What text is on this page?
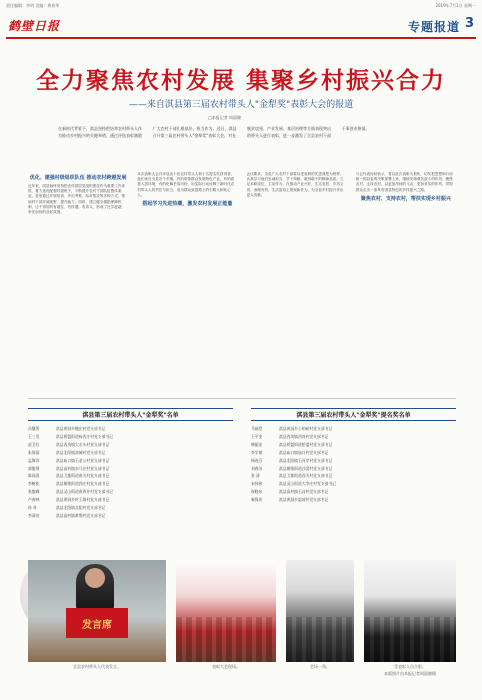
责任编辑：李明 美编：黄春华	2019年7月1日 星期一
鹤壁日报	专题报道 3
全力聚焦农村发展 集聚乡村振兴合力
——来自淇县第三届农村带头人"金犁奖"表彰大会的报道
□本报记者 周晨晓
在新时代背景下，淇县坚持把培养农村带头人作为推动乡村振兴的关键举措，通过评选表彰激励广大农村干部扎根基层、担当作为。近日，淇县召开第三届农村带头人"金犁奖"表彰大会，对在脱贫攻坚、产业发展、基层治理等方面表现突出的带头人进行表彰，进一步激发了全县农村干部干事创业热情。
优化、建强村级组织队伍 推动农村跨越发展
近年来，淇县始终坚持把农村基层党组织建设作为重要工作来抓，着力选优配强村级班子，不断提升农村干部队伍整体素质。县里通过开展培训、外出考察、结对帮扶等多种方式，帮助村干部开阔视野、提升能力。同时，建立健全激励保障机制，让干得好的有地位、有待遇、有奔头，形成了比学赶超、争先创优的良好氛围。
本次表彰大会共评选出十佳农村带头人和十名提名奖获得者，他们来自全县各个乡镇，有的带领群众发展特色产业，有的改善人居环境，有的化解矛盾纠纷，用实际行动诠释了新时代农村带头人的责任与担当，成为群众致富路上的引路人和贴心人。
搭起学习先进热潮，激发农村发展正能量
会议要求，全县广大农村干部要以受表彰的先进典型为榜样，认真学习他们忠诚担当、甘于奉献、敢闯敢干的精神品质，立足本职岗位，主动作为，在推动产业兴旺、生态宜居、乡风文明、治理有效、生活富裕上展现新作为，为全县乡村振兴作出更大贡献。
与会代表纷纷表示，将以此次表彰为契机，切实把思想和行动统一到县委的决策部署上来，继续发扬艰苦奋斗的作风，聚焦农村、支持农村，以更加昂扬的斗志、更加务实的作风，带领群众走出一条具有淇县特色的乡村振兴之路。
聚焦农村、支持农村，帮扶实现乡村振兴
淇县第三届农村带头人"金犁奖"名单
冯继智	淇县黄洞乡鲍庄村党支部书记
王三发	淇县桥盟街道杨晋庄村党支部书记
苗卫红	淇县西岗镇大水头村党支部书记
朱保国	淇县北阳镇油城村党支部书记
孟海洋	淇县庙口镇石老公村党支部书记
郭俊领	淇县高村镇东马庄村党支部书记
陈同喜	淇县卫都街道南关村党支部书记
李树松	淇县朝歌街道郭庄村党支部书记
张俊峰	淇县灵山街道南四井村党支部书记
卢春林	淇县黄洞乡纣王殿村党支部书记
孙 奇	淇县北阳镇北阳村党支部书记
李清亮	淇县高村镇黄堆村党支部书记
淇县第三届农村带头人"金犁奖"提名奖名单
马福堂	淇县黄洞乡小柏峪村党支部书记
王平安	淇县西岗镇西岗村党支部书记
韩振宏	淇县桥盟街道桥盟村党支部书记
李学斌	淇县庙口镇庙口村党支部书记
杨连芬	淇县北阳镇石河岸村党支部书记
刘春芳	淇县朝歌街道沙窝村党支部书记
张 涛	淇县卫都街道西关村党支部书记
宋伟伟	淇县灵山街道大李庄村党支部书记
崔晓东	淇县高村镇石河村党支部书记
秦保庆	淇县黄洞乡温坡村党支部书记
发言席
全县农村带头人代表发言。	表彰大会现场。	会场一角。	受表彰人员合影。
本版图片由本报记者周晨晓摄
